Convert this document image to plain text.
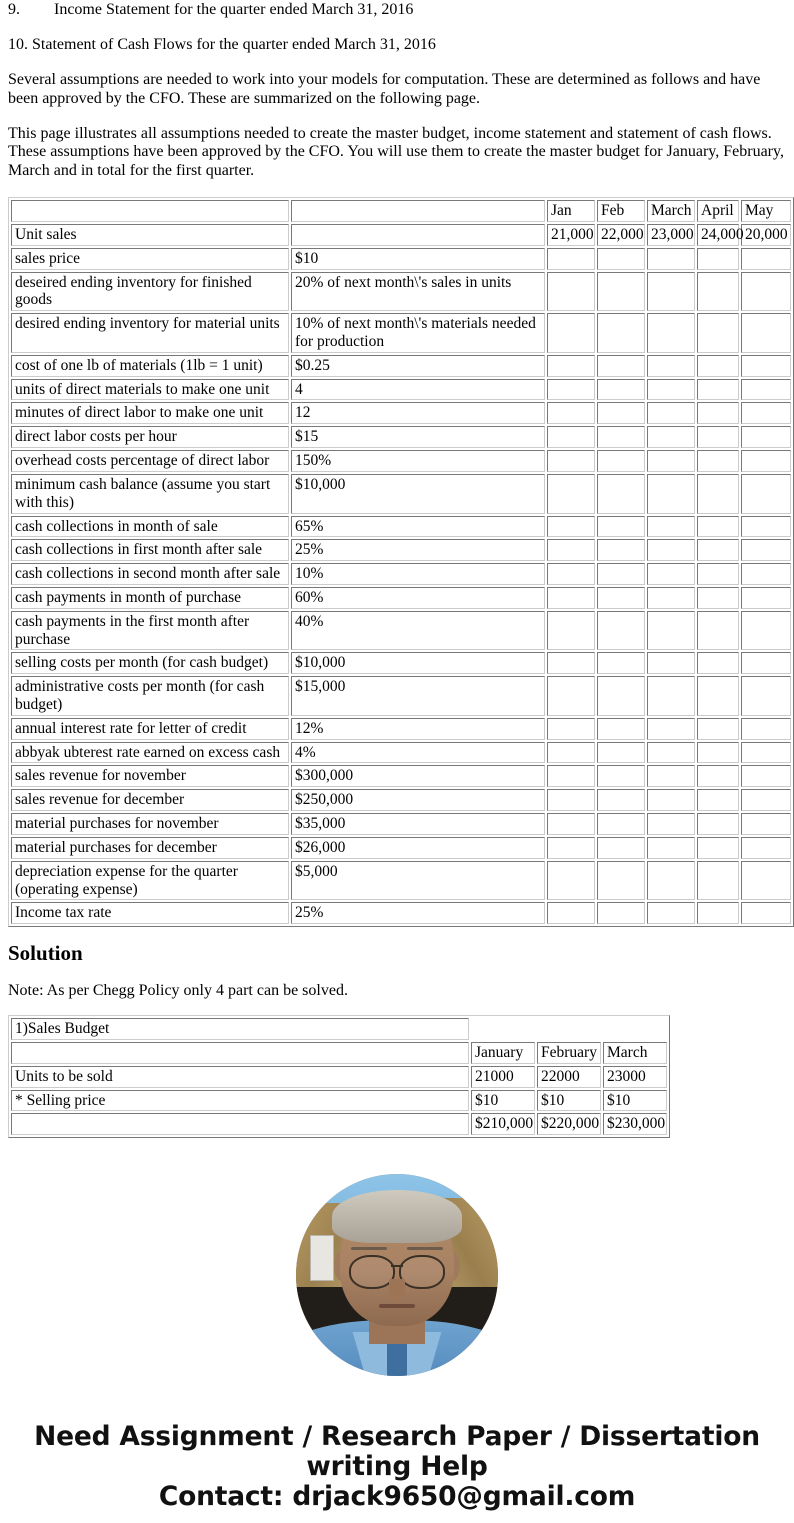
9. Income Statement for the quarter ended March 31, 2016
10. Statement of Cash Flows for the quarter ended March 31, 2016

Several assumptions are needed to work into your models for computation. These are determined as follows and have been approved by the CFO. These are summarized on the following page.

This page illustrates all assumptions needed to create the master budget, income statement and statement of cash flows. These assumptions have been approved by the CFO. You will use them to create the master budget for January, February, March and in total for the first quarter.

		Jan	Feb	March	April	May
Unit sales		21,000	22,000	23,000	24,000	20,000
sales price	$10					
deseired ending inventory for finished goods	20% of next month\'s sales in units					
desired ending inventory for material units	10% of next month\'s materials needed for production					
cost of one lb of materials (1lb = 1 unit)	$0.25					
units of direct materials to make one unit	4					
minutes of direct labor to make one unit	12					
direct labor costs per hour	$15					
overhead costs percentage of direct labor	150%					
minimum cash balance (assume you start with this)	$10,000					
cash collections in month of sale	65%					
cash collections in first month after sale	25%					
cash collections in second month after sale	10%					
cash payments in month of purchase	60%					
cash payments in the first month after purchase	40%					
selling costs per month (for cash budget)	$10,000					
administrative costs per month (for cash budget)	$15,000					
annual interest rate for letter of credit	12%					
abbyak ubterest rate earned on excess cash	4%					
sales revenue for november	$300,000					
sales revenue for december	$250,000					
material purchases for november	$35,000					
material purchases for december	$26,000					
depreciation expense for the quarter (operating expense)	$5,000					
Income tax rate	25%					
Solution

Note: As per Chegg Policy only 4 part can be solved.

1)Sales Budget			
	January	February	March
Units to be sold	21000	22000	23000
* Selling price	$10	$10	$10
	$210,000	$220,000	$230,000
Need Assignment / Research Paper / Dissertation
writing Help
Contact: drjack9650@gmail.com
